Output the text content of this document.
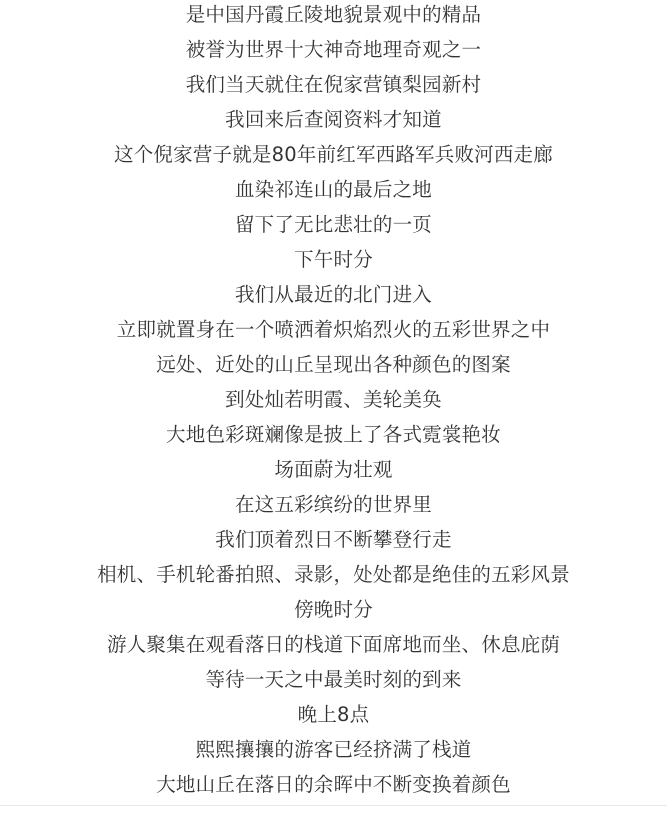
是中国丹霞丘陵地貌景观中的精品
被誉为世界十大神奇地理奇观之一
我们当天就住在倪家营镇梨园新村
我回来后查阅资料才知道
这个倪家营子就是80年前红军西路军兵败河西走廊
血染祁连山的最后之地
留下了无比悲壮的一页
下午时分
我们从最近的北门进入
立即就置身在一个喷洒着炽焰烈火的五彩世界之中
远处、近处的山丘呈现出各种颜色的图案
到处灿若明霞、美轮美奂
大地色彩斑斓像是披上了各式霓裳艳妆
场面蔚为壮观
在这五彩缤纷的世界里
我们顶着烈日不断攀登行走
相机、手机轮番拍照、录影，处处都是绝佳的五彩风景
傍晚时分
游人聚集在观看落日的栈道下面席地而坐、休息庇荫
等待一天之中最美时刻的到来
晚上8点
熙熙攘攘的游客已经挤满了栈道
大地山丘在落日的余晖中不断变换着颜色
